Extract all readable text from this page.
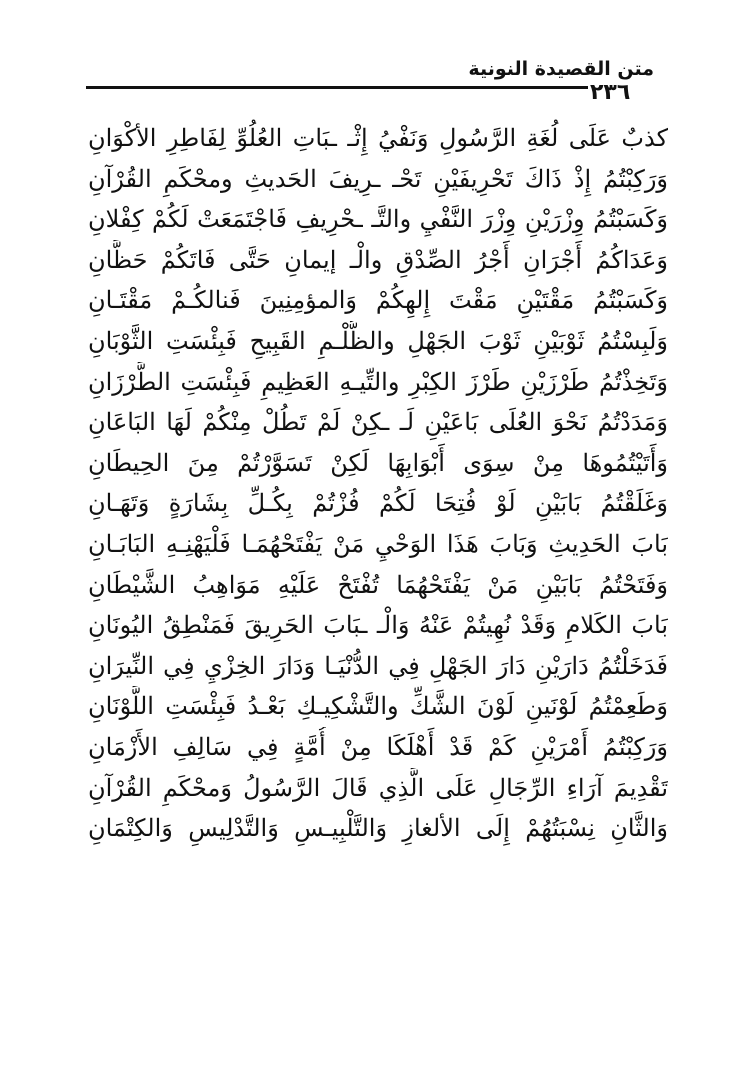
متن القصيدة النونية
٢٣٦
كذبٌ عَلَى لُغَةِ الرَّسُولِ وَنَفْيُ إِثْـ ـبَاتِ العُلُوِّ لِفَاطِرِ الأكْوَانِ
وَرَكِبْتُمُ إِذْ ذَاكَ تَحْرِيفَيْنِ تَحْـ ـرِيفَ الحَديثِ ومحْكَمِ القُرْآنِ
وَكَسَبْتُمُ وِزْرَيْنِ وِزْرَ النَّفْيِ والتَّـ ـحْرِيفِ فَاجْتَمَعَتْ لَكُمْ كِفْلانِ
وَعَدَاكُمُ أَجْرَانِ أَجْرُ الصِّدْقِ والْـ إيمانِ حَتَّى فَاتَكُمْ حَظَّانِ
وَكَسَبْتُمُ مَقْتَيْنِ مَقْتَ إِلهِكُمْ وَالمؤمِنِينَ فَنالكُـمْ مَقْتَـانِ
وَلَبِسْتُمُ ثَوْبَيْنِ ثَوْبَ الجَهْلِ والظُّلْـمِ القَبِيحِ فَبِئْسَتِ الثَّوْبَانِ
وَتَخِذْتُمُ طَرْزَيْنِ طَرْزَ الكِبْرِ والتِّيـهِ العَظِيمِ فَبِئْسَتِ الطَّرْزَانِ
وَمَدَدْتُمُ نَحْوَ العُلَى بَاعَيْنِ لَـ ـكِنْ لَمْ تَطُلْ مِنْكُمْ لَهَا البَاعَانِ
وَأَتَيْتُمُوهَا مِنْ سِوَى أَبْوَابِهَا لَكِنْ تَسَوَّرْتُمْ مِنَ الحِيطَانِ
وَغَلَقْتُمُ بَابَيْنِ لَوْ فُتِحَا لَكُمْ فُزْتُمْ بِكُـلِّ بِشَارَةٍ وَتَهَـانِ
بَابَ الحَدِيثِ وَبَابَ هَذَا الوَحْيِ مَنْ يَفْتَحْهُمَـا فَلْيَهْنِـهِ البَابَـانِ
وَفَتَحْتُمُ بَابَيْنِ مَنْ يَفْتَحْهُمَا تُفْتَحْ عَلَيْهِ مَوَاهِبُ الشَّيْطَانِ
بَابَ الكَلامِ وَقَدْ نُهِيتُمْ عَنْهُ وَالْـ ـبَابَ الحَرِيقَ فَمَنْطِقُ اليُونَانِ
فَدَخَلْتُمُ دَارَيْنِ دَارَ الجَهْلِ فِي الدُّنْيَـا وَدَارَ الخِزْيِ فِي النِّيرَانِ
وَطَعِمْتُمُ لَوْنَينِ لَوْنَ الشَّكِّ والتَّشْكِيـكِ بَعْـدُ فَبِئْسَتِ اللَّوْنَانِ
وَرَكِبْتُمُ أَمْرَيْنِ كَمْ قَدْ أَهْلَكَا مِنْ أُمَّةٍ فِي سَالِفِ الأَزْمَانِ
تَقْدِيمَ آرَاءِ الرِّجَالِ عَلَى الَّذِي قَالَ الرَّسُولُ وَمحْكَمِ القُرْآنِ
وَالثَّانِ نِسْبَتُهُمْ إِلَى الألغازِ وَالتَّلْبِيـسِ وَالتَّدْلِيسِ وَالكِتْمَانِ
